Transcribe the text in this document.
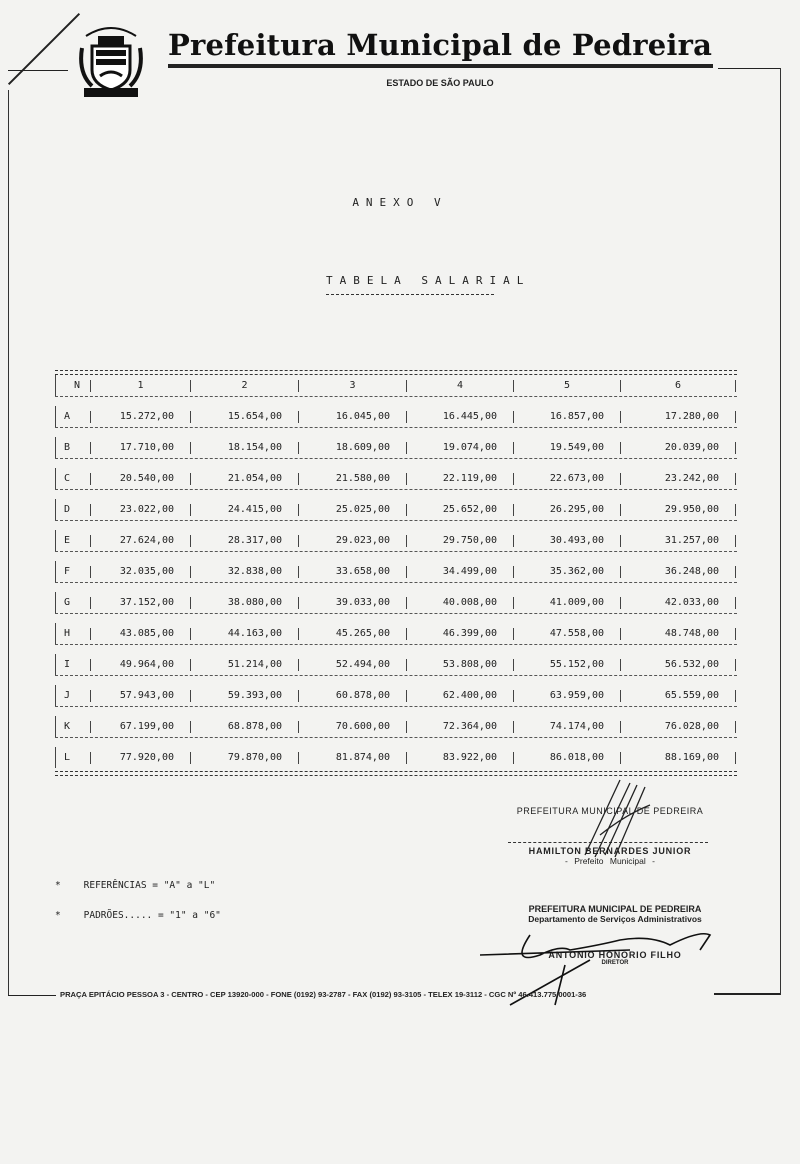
Prefeitura Municipal de Pedreira
ESTADO DE SÃO PAULO
ANEXO V
TABELA SALARIAL
N	1	2	3	4	5	6
A	15.272,00	15.654,00	16.045,00	16.445,00	16.857,00	17.280,00
B	17.710,00	18.154,00	18.609,00	19.074,00	19.549,00	20.039,00
C	20.540,00	21.054,00	21.580,00	22.119,00	22.673,00	23.242,00
D	23.022,00	24.415,00	25.025,00	25.652,00	26.295,00	29.950,00
E	27.624,00	28.317,00	29.023,00	29.750,00	30.493,00	31.257,00
F	32.035,00	32.838,00	33.658,00	34.499,00	35.362,00	36.248,00
G	37.152,00	38.080,00	39.033,00	40.008,00	41.009,00	42.033,00
H	43.085,00	44.163,00	45.265,00	46.399,00	47.558,00	48.748,00
I	49.964,00	51.214,00	52.494,00	53.808,00	55.152,00	56.532,00
J	57.943,00	59.393,00	60.878,00	62.400,00	63.959,00	65.559,00
K	67.199,00	68.878,00	70.600,00	72.364,00	74.174,00	76.028,00
L	77.920,00	79.870,00	81.874,00	83.922,00	86.018,00	88.169,00
* REFERÊNCIAS = "A" a "L"
* PADRÕES..... = "1" a "6"
PREFEITURA MUNICIPAL DE PEDREIRA
HAMILTON BERNARDES JUNIOR
- Prefeito Municipal -
PREFEITURA MUNICIPAL DE PEDREIRA
Departamento de Serviços Administrativos
ANTONIO HONORIO FILHO
DIRETOR
PRAÇA EPITÁCIO PESSOA 3 - CENTRO - CEP 13920-000 - FONE (0192) 93-2787 - FAX (0192) 93-3105 - TELEX 19-3112 - CGC Nº 46.413.775/0001-36
